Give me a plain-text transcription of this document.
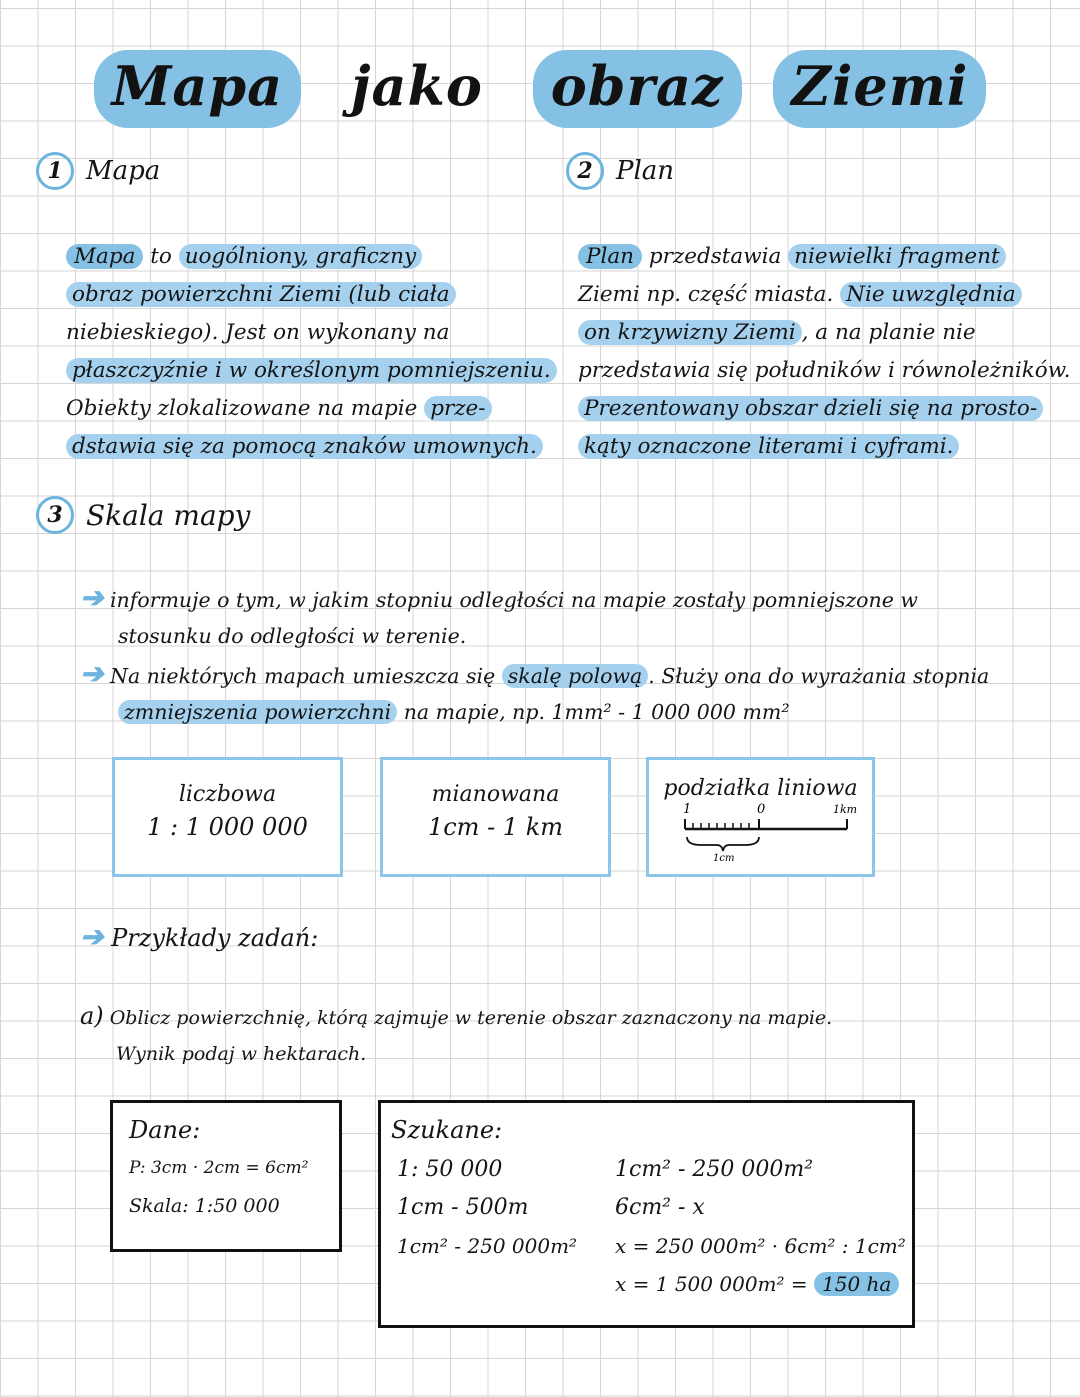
Mapa jako obraz Ziemi
1 Mapa
Mapa to uogólniony, graficzny
obraz powierzchni Ziemi (lub ciała
niebieskiego). Jest on wykonany na
płaszczyźnie i w określonym pomniejszeniu.
Obiekty zlokalizowane na mapie prze-
dstawia się za pomocą znaków umownych.
2 Plan
Plan przedstawia niewielki fragment
Ziemi np. część miasta. Nie uwzględnia
on krzywizny Ziemi , a na planie nie
przedstawia się południków i równoleżników.
Prezentowany obszar dzieli się na prosto-
kąty oznaczone literami i cyframi.
3 Skala mapy
➔ informuje o tym, w jakim stopniu odległości na mapie zostały pomniejszone w
stosunku do odległości w terenie.
➔ Na niektórych mapach umieszcza się skalę polową . Służy ona do wyrażania stopnia
zmniejszenia powierzchni na mapie, np. 1mm² - 1 000 000 mm²
liczbowa
1 : 1 000 000
mianowana
1cm - 1 km
podziałka liniowa
1	0	1km
1cm
➔ Przykłady zadań:
a) Oblicz powierzchnię, którą zajmuje w terenie obszar zaznaczony na mapie.
Wynik podaj w hektarach.
Dane:
P: 3cm · 2cm = 6cm²
Skala: 1:50 000
Szukane:
1: 50 000
1cm - 500m
1cm² - 250 000m²
1cm² - 250 000m²
6cm² - x
x = 250 000m² · 6cm² : 1cm²
x = 1 500 000m² = 150 ha
